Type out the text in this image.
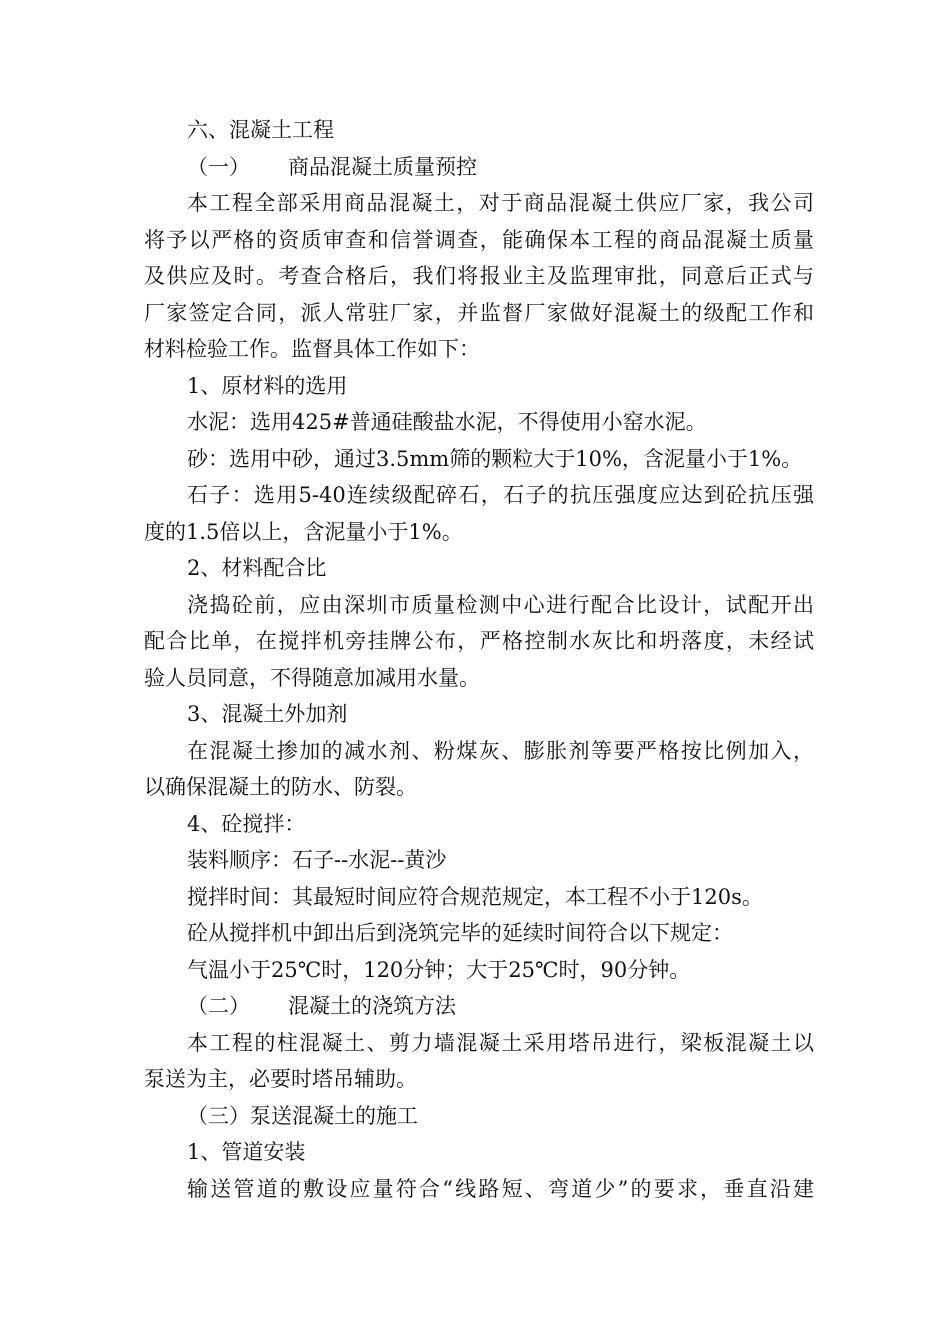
六、混凝土工程

（一） 商品混凝土质量预控

本工程全部采用商品混凝土，对于商品混凝土供应厂家，我公司

将予以严格的资质审查和信誉调查，能确保本工程的商品混凝土质量

及供应及时。考查合格后，我们将报业主及监理审批，同意后正式与

厂家签定合同，派人常驻厂家，并监督厂家做好混凝土的级配工作和

材料检验工作。监督具体工作如下：

1、原材料的选用

水泥：选用425#普通硅酸盐水泥，不得使用小窑水泥。

砂：选用中砂，通过3.5mm筛的颗粒大于10%，含泥量小于1%。

石子：选用5-40连续级配碎石，石子的抗压强度应达到砼抗压强

度的1.5倍以上，含泥量小于1%。

2、材料配合比

浇捣砼前，应由深圳市质量检测中心进行配合比设计，试配开出

配合比单，在搅拌机旁挂牌公布，严格控制水灰比和坍落度，未经试

验人员同意，不得随意加减用水量。

3、混凝土外加剂

在混凝土掺加的减水剂、粉煤灰、膨胀剂等要严格按比例加入，

以确保混凝土的防水、防裂。

4、砼搅拌：

装料顺序：石子--水泥--黄沙

搅拌时间：其最短时间应符合规范规定，本工程不小于120s。

砼从搅拌机中卸出后到浇筑完毕的延续时间符合以下规定：

气温小于25℃时，120分钟；大于25℃时，90分钟。

（二） 混凝土的浇筑方法

本工程的柱混凝土、剪力墙混凝土采用塔吊进行，梁板混凝土以

泵送为主，必要时塔吊辅助。

（三）泵送混凝土的施工

1、管道安装

输送管道的敷设应量符合“线路短、弯道少”的要求，垂直沿建
